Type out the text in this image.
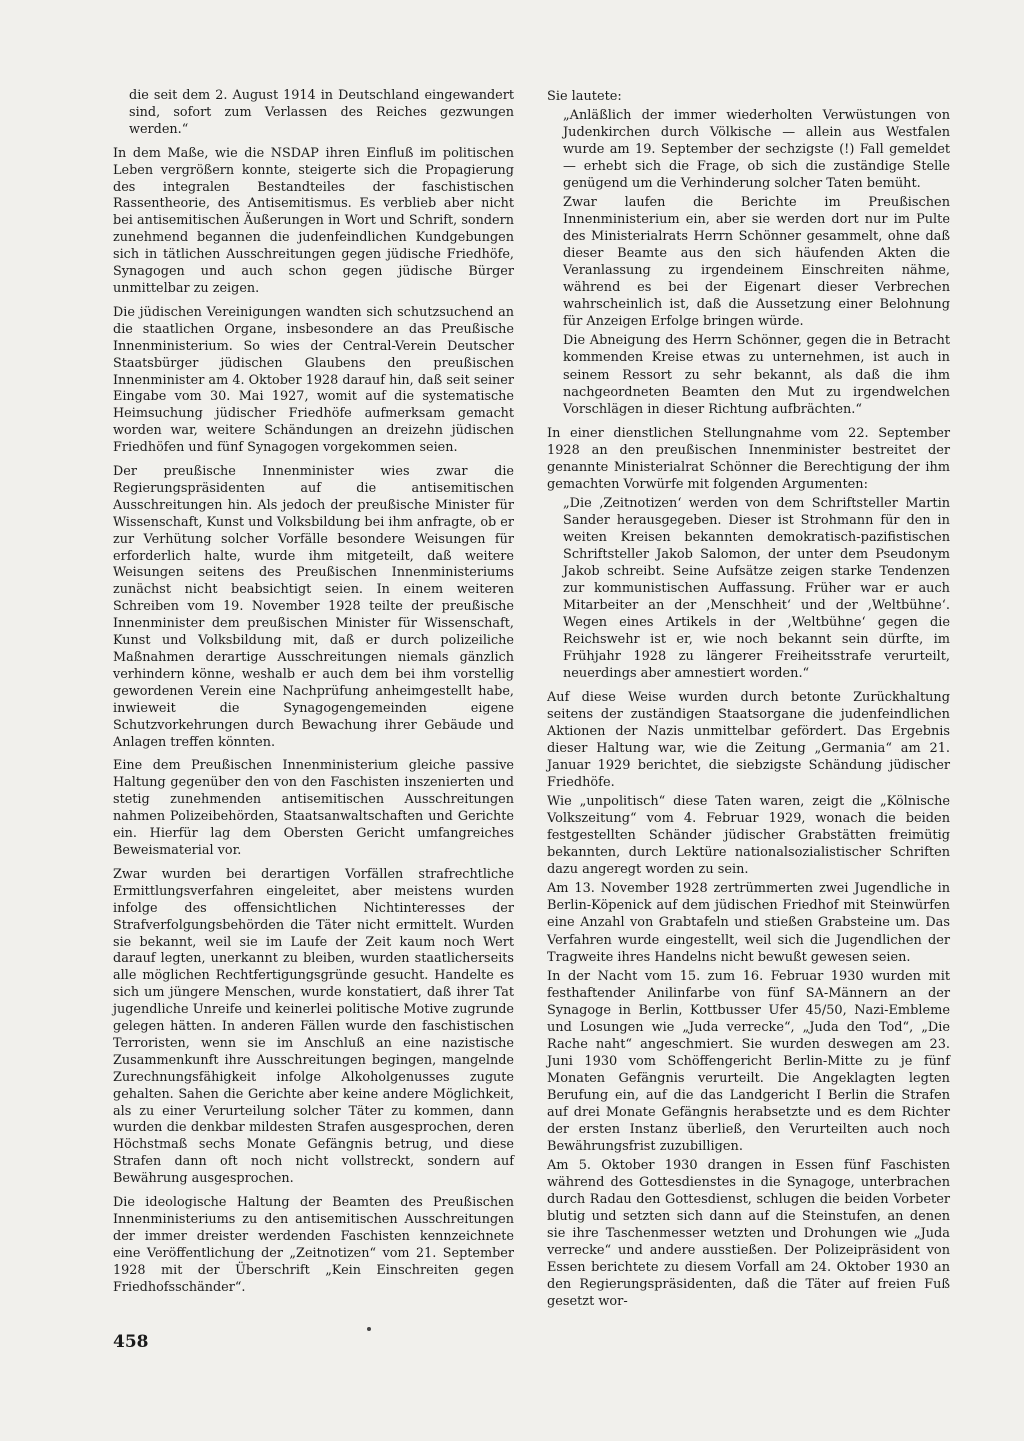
die seit dem 2. August 1914 in Deutschland eingewandert sind, sofort zum Verlassen des Reiches gezwungen werden.“

In dem Maße, wie die NSDAP ihren Einfluß im politischen Leben vergrößern konnte, steigerte sich die Propagierung des integralen Bestandteiles der faschistischen Rassentheorie, des Antisemitismus. Es verblieb aber nicht bei antisemitischen Äußerungen in Wort und Schrift, sondern zunehmend begannen die judenfeindlichen Kundgebungen sich in tätlichen Ausschreitungen gegen jüdische Friedhöfe, Synagogen und auch schon gegen jüdische Bürger unmittelbar zu zeigen.

Die jüdischen Vereinigungen wandten sich schutzsuchend an die staatlichen Organe, insbesondere an das Preußische Innenministerium. So wies der Central-Verein Deutscher Staatsbürger jüdischen Glaubens den preußischen Innenminister am 4. Oktober 1928 darauf hin, daß seit seiner Eingabe vom 30. Mai 1927, womit auf die systematische Heimsuchung jüdischer Friedhöfe aufmerksam gemacht worden war, weitere Schändungen an dreizehn jüdischen Friedhöfen und fünf Synagogen vorgekommen seien.

Der preußische Innenminister wies zwar die Regierungspräsidenten auf die antisemitischen Ausschreitungen hin. Als jedoch der preußische Minister für Wissenschaft, Kunst und Volksbildung bei ihm anfragte, ob er zur Verhütung solcher Vorfälle besondere Weisungen für erforderlich halte, wurde ihm mitgeteilt, daß weitere Weisungen seitens des Preußischen Innenministeriums zunächst nicht beabsichtigt seien. In einem weiteren Schreiben vom 19. November 1928 teilte der preußische Innenminister dem preußischen Minister für Wissenschaft, Kunst und Volksbildung mit, daß er durch polizeiliche Maßnahmen derartige Ausschreitungen niemals gänzlich verhindern könne, weshalb er auch dem bei ihm vorstellig gewordenen Verein eine Nachprüfung anheimgestellt habe, inwieweit die Synagogengemeinden eigene Schutzvorkehrungen durch Bewachung ihrer Gebäude und Anlagen treffen könnten.

Eine dem Preußischen Innenministerium gleiche passive Haltung gegenüber den von den Faschisten inszenierten und stetig zunehmenden antisemitischen Ausschreitungen nahmen Polizeibehörden, Staatsanwaltschaften und Gerichte ein. Hierfür lag dem Obersten Gericht umfangreiches Beweismaterial vor.

Zwar wurden bei derartigen Vorfällen strafrechtliche Ermittlungsverfahren eingeleitet, aber meistens wurden infolge des offensichtlichen Nichtinteresses der Strafverfolgungsbehörden die Täter nicht ermittelt. Wurden sie bekannt, weil sie im Laufe der Zeit kaum noch Wert darauf legten, unerkannt zu bleiben, wurden staatlicherseits alle möglichen Rechtfertigungsgründe gesucht. Handelte es sich um jüngere Menschen, wurde konstatiert, daß ihrer Tat jugendliche Unreife und keinerlei politische Motive zugrunde gelegen hätten. In anderen Fällen wurde den faschistischen Terroristen, wenn sie im Anschluß an eine nazistische Zusammenkunft ihre Ausschreitungen begingen, mangelnde Zurechnungsfähigkeit infolge Alkoholgenusses zugute gehalten. Sahen die Gerichte aber keine andere Möglichkeit, als zu einer Verurteilung solcher Täter zu kommen, dann wurden die denkbar mildesten Strafen ausgesprochen, deren Höchstmaß sechs Monate Gefängnis betrug, und diese Strafen dann oft noch nicht vollstreckt, sondern auf Bewährung ausgesprochen.

Die ideologische Haltung der Beamten des Preußischen Innenministeriums zu den antisemitischen Ausschreitungen der immer dreister werdenden Faschisten kennzeichnete eine Veröffentlichung der „Zeitnotizen“ vom 21. September 1928 mit der Überschrift „Kein Einschreiten gegen Friedhofsschänder“.

Sie lautete:

„Anläßlich der immer wiederholten Verwüstungen von Judenkirchen durch Völkische — allein aus Westfalen wurde am 19. September der sechzigste (!) Fall gemeldet — erhebt sich die Frage, ob sich die zuständige Stelle genügend um die Verhinderung solcher Taten bemüht.

Zwar laufen die Berichte im Preußischen Innenministerium ein, aber sie werden dort nur im Pulte des Ministerialrats Herrn Schönner gesammelt, ohne daß dieser Beamte aus den sich häufenden Akten die Veranlassung zu irgendeinem Einschreiten nähme, während es bei der Eigenart dieser Verbrechen wahrscheinlich ist, daß die Aussetzung einer Belohnung für Anzeigen Erfolge bringen würde.

Die Abneigung des Herrn Schönner, gegen die in Betracht kommenden Kreise etwas zu unternehmen, ist auch in seinem Ressort zu sehr bekannt, als daß die ihm nachgeordneten Beamten den Mut zu irgendwelchen Vorschlägen in dieser Richtung aufbrächten.“

In einer dienstlichen Stellungnahme vom 22. September 1928 an den preußischen Innenminister bestreitet der genannte Ministerialrat Schönner die Berechtigung der ihm gemachten Vorwürfe mit folgenden Argumenten:

„Die ‚Zeitnotizen‘ werden von dem Schriftsteller Martin Sander herausgegeben. Dieser ist Strohmann für den in weiten Kreisen bekannten demokratisch-pazifistischen Schriftsteller Jakob Salomon, der unter dem Pseudonym Jakob schreibt. Seine Aufsätze zeigen starke Tendenzen zur kommunistischen Auffassung. Früher war er auch Mitarbeiter an der ‚Menschheit‘ und der ‚Weltbühne‘. Wegen eines Artikels in der ‚Weltbühne‘ gegen die Reichswehr ist er, wie noch bekannt sein dürfte, im Frühjahr 1928 zu längerer Freiheitsstrafe verurteilt, neuerdings aber amnestiert worden.“

Auf diese Weise wurden durch betonte Zurückhaltung seitens der zuständigen Staatsorgane die judenfeindlichen Aktionen der Nazis unmittelbar gefördert. Das Ergebnis dieser Haltung war, wie die Zeitung „Germania“ am 21. Januar 1929 berichtet, die siebzigste Schändung jüdischer Friedhöfe.

Wie „unpolitisch“ diese Taten waren, zeigt die „Kölnische Volkszeitung“ vom 4. Februar 1929, wonach die beiden festgestellten Schänder jüdischer Grabstätten freimütig bekannten, durch Lektüre nationalsozialistischer Schriften dazu angeregt worden zu sein.

Am 13. November 1928 zertrümmerten zwei Jugendliche in Berlin-Köpenick auf dem jüdischen Friedhof mit Steinwürfen eine Anzahl von Grabtafeln und stießen Grabsteine um. Das Verfahren wurde eingestellt, weil sich die Jugendlichen der Tragweite ihres Handelns nicht bewußt gewesen seien.

In der Nacht vom 15. zum 16. Februar 1930 wurden mit festhaftender Anilinfarbe von fünf SA-Männern an der Synagoge in Berlin, Kottbusser Ufer 45/50, Nazi-Embleme und Losungen wie „Juda verrecke“, „Juda den Tod“, „Die Rache naht“ angeschmiert. Sie wurden deswegen am 23. Juni 1930 vom Schöffengericht Berlin-Mitte zu je fünf Monaten Gefängnis verurteilt. Die Angeklagten legten Berufung ein, auf die das Landgericht I Berlin die Strafen auf drei Monate Gefängnis herabsetzte und es dem Richter der ersten Instanz überließ, den Verurteilten auch noch Bewährungsfrist zuzubilligen.

Am 5. Oktober 1930 drangen in Essen fünf Faschisten während des Gottesdienstes in die Synagoge, unterbrachen durch Radau den Gottesdienst, schlugen die beiden Vorbeter blutig und setzten sich dann auf die Steinstufen, an denen sie ihre Taschenmesser wetzten und Drohungen wie „Juda verrecke“ und andere ausstießen. Der Polizeipräsident von Essen berichtete zu diesem Vorfall am 24. Oktober 1930 an den Regierungspräsidenten, daß die Täter auf freien Fuß gesetzt wor-

458
